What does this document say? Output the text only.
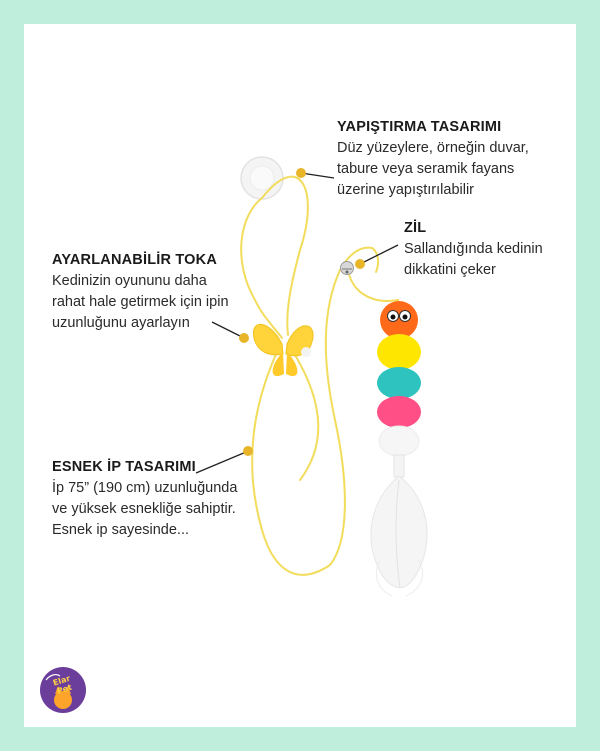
YAPIŞTIRMA TASARIMI

Düz yüzeylere, örneğin duvar,
tabure veya seramik fayans
üzerine yapıştırılabilir

ZİL

Sallandığında kedinin
dikkatini çeker

AYARLANABİLİR TOKA

Kedinizin oyununu daha
rahat hale getirmek için ipin
uzunluğunu ayarlayın

ESNEK İP TASARIMI

İp 75” (190 cm) uzunluğunda
ve yüksek esnekliğe sahiptir.
Esnek ip sayesinde...

Elar Pet
